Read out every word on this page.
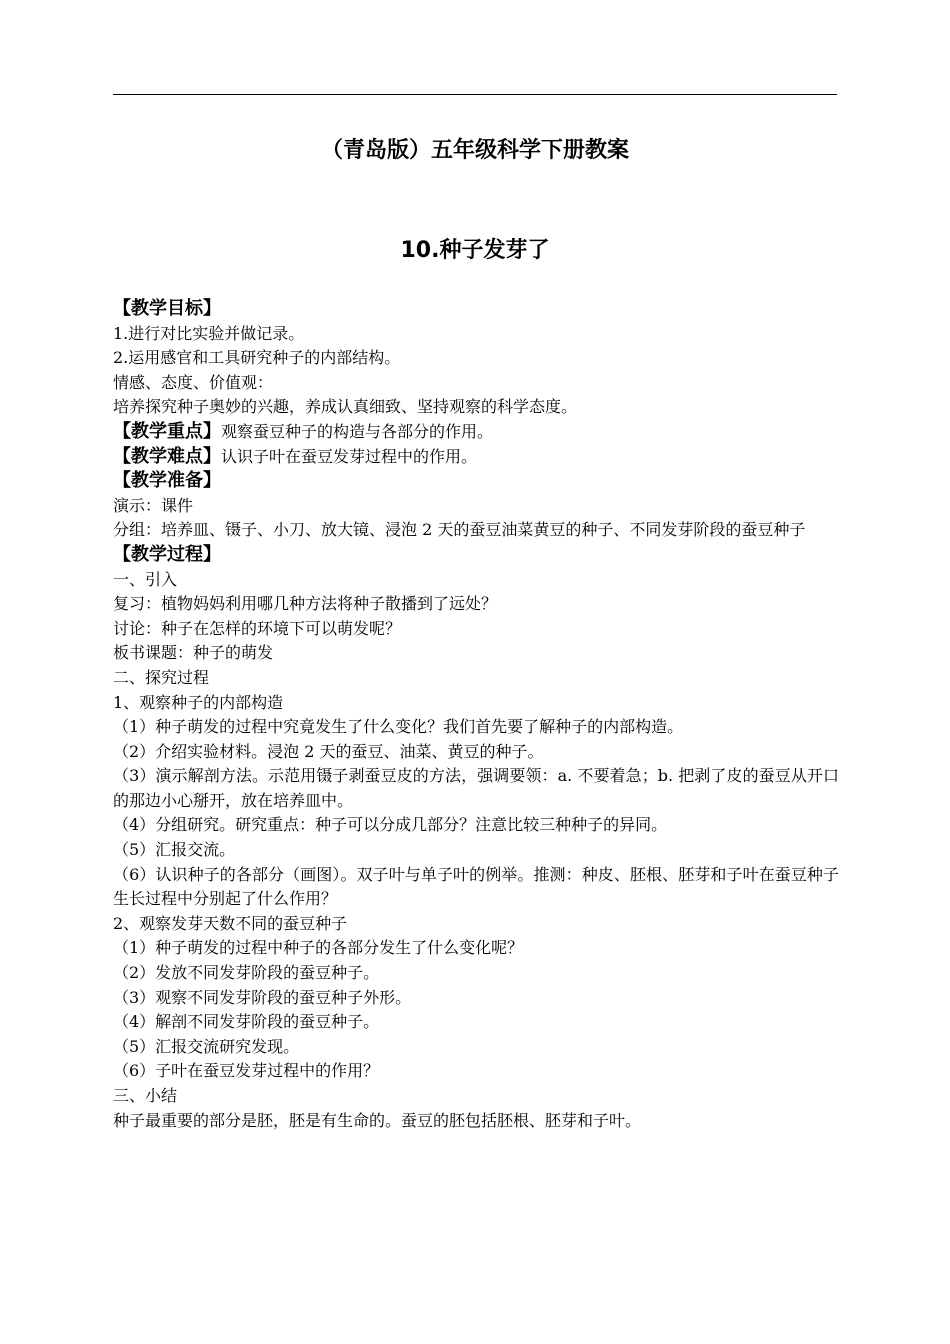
（青岛版）五年级科学下册教案
10.种子发芽了
【教学目标】
1.进行对比实验并做记录。
2.运用感官和工具研究种子的内部结构。
情感、态度、价值观：
培养探究种子奥妙的兴趣，养成认真细致、坚持观察的科学态度。
【教学重点】观察蚕豆种子的构造与各部分的作用。
【教学难点】认识子叶在蚕豆发芽过程中的作用。
【教学准备】
演示：课件
分组：培养皿、镊子、小刀、放大镜、浸泡 2 天的蚕豆油菜黄豆的种子、不同发芽阶段的蚕豆种子
【教学过程】
一、引入
复习：植物妈妈利用哪几种方法将种子散播到了远处？
讨论：种子在怎样的环境下可以萌发呢？
板书课题：种子的萌发
二、探究过程
1、观察种子的内部构造
（1）种子萌发的过程中究竟发生了什么变化？我们首先要了解种子的内部构造。
（2）介绍实验材料。浸泡 2 天的蚕豆、油菜、黄豆的种子。
（3）演示解剖方法。示范用镊子剥蚕豆皮的方法，强调要领：a. 不要着急；b. 把剥了皮的蚕豆从开口的那边小心掰开，放在培养皿中。
（4）分组研究。研究重点：种子可以分成几部分？注意比较三种种子的异同。
（5）汇报交流。
（6）认识种子的各部分（画图）。双子叶与单子叶的例举。推测：种皮、胚根、胚芽和子叶在蚕豆种子生长过程中分别起了什么作用？
2、观察发芽天数不同的蚕豆种子
（1）种子萌发的过程中种子的各部分发生了什么变化呢？
（2）发放不同发芽阶段的蚕豆种子。
（3）观察不同发芽阶段的蚕豆种子外形。
（4）解剖不同发芽阶段的蚕豆种子。
（5）汇报交流研究发现。
（6）子叶在蚕豆发芽过程中的作用？
三、小结
种子最重要的部分是胚，胚是有生命的。蚕豆的胚包括胚根、胚芽和子叶。
